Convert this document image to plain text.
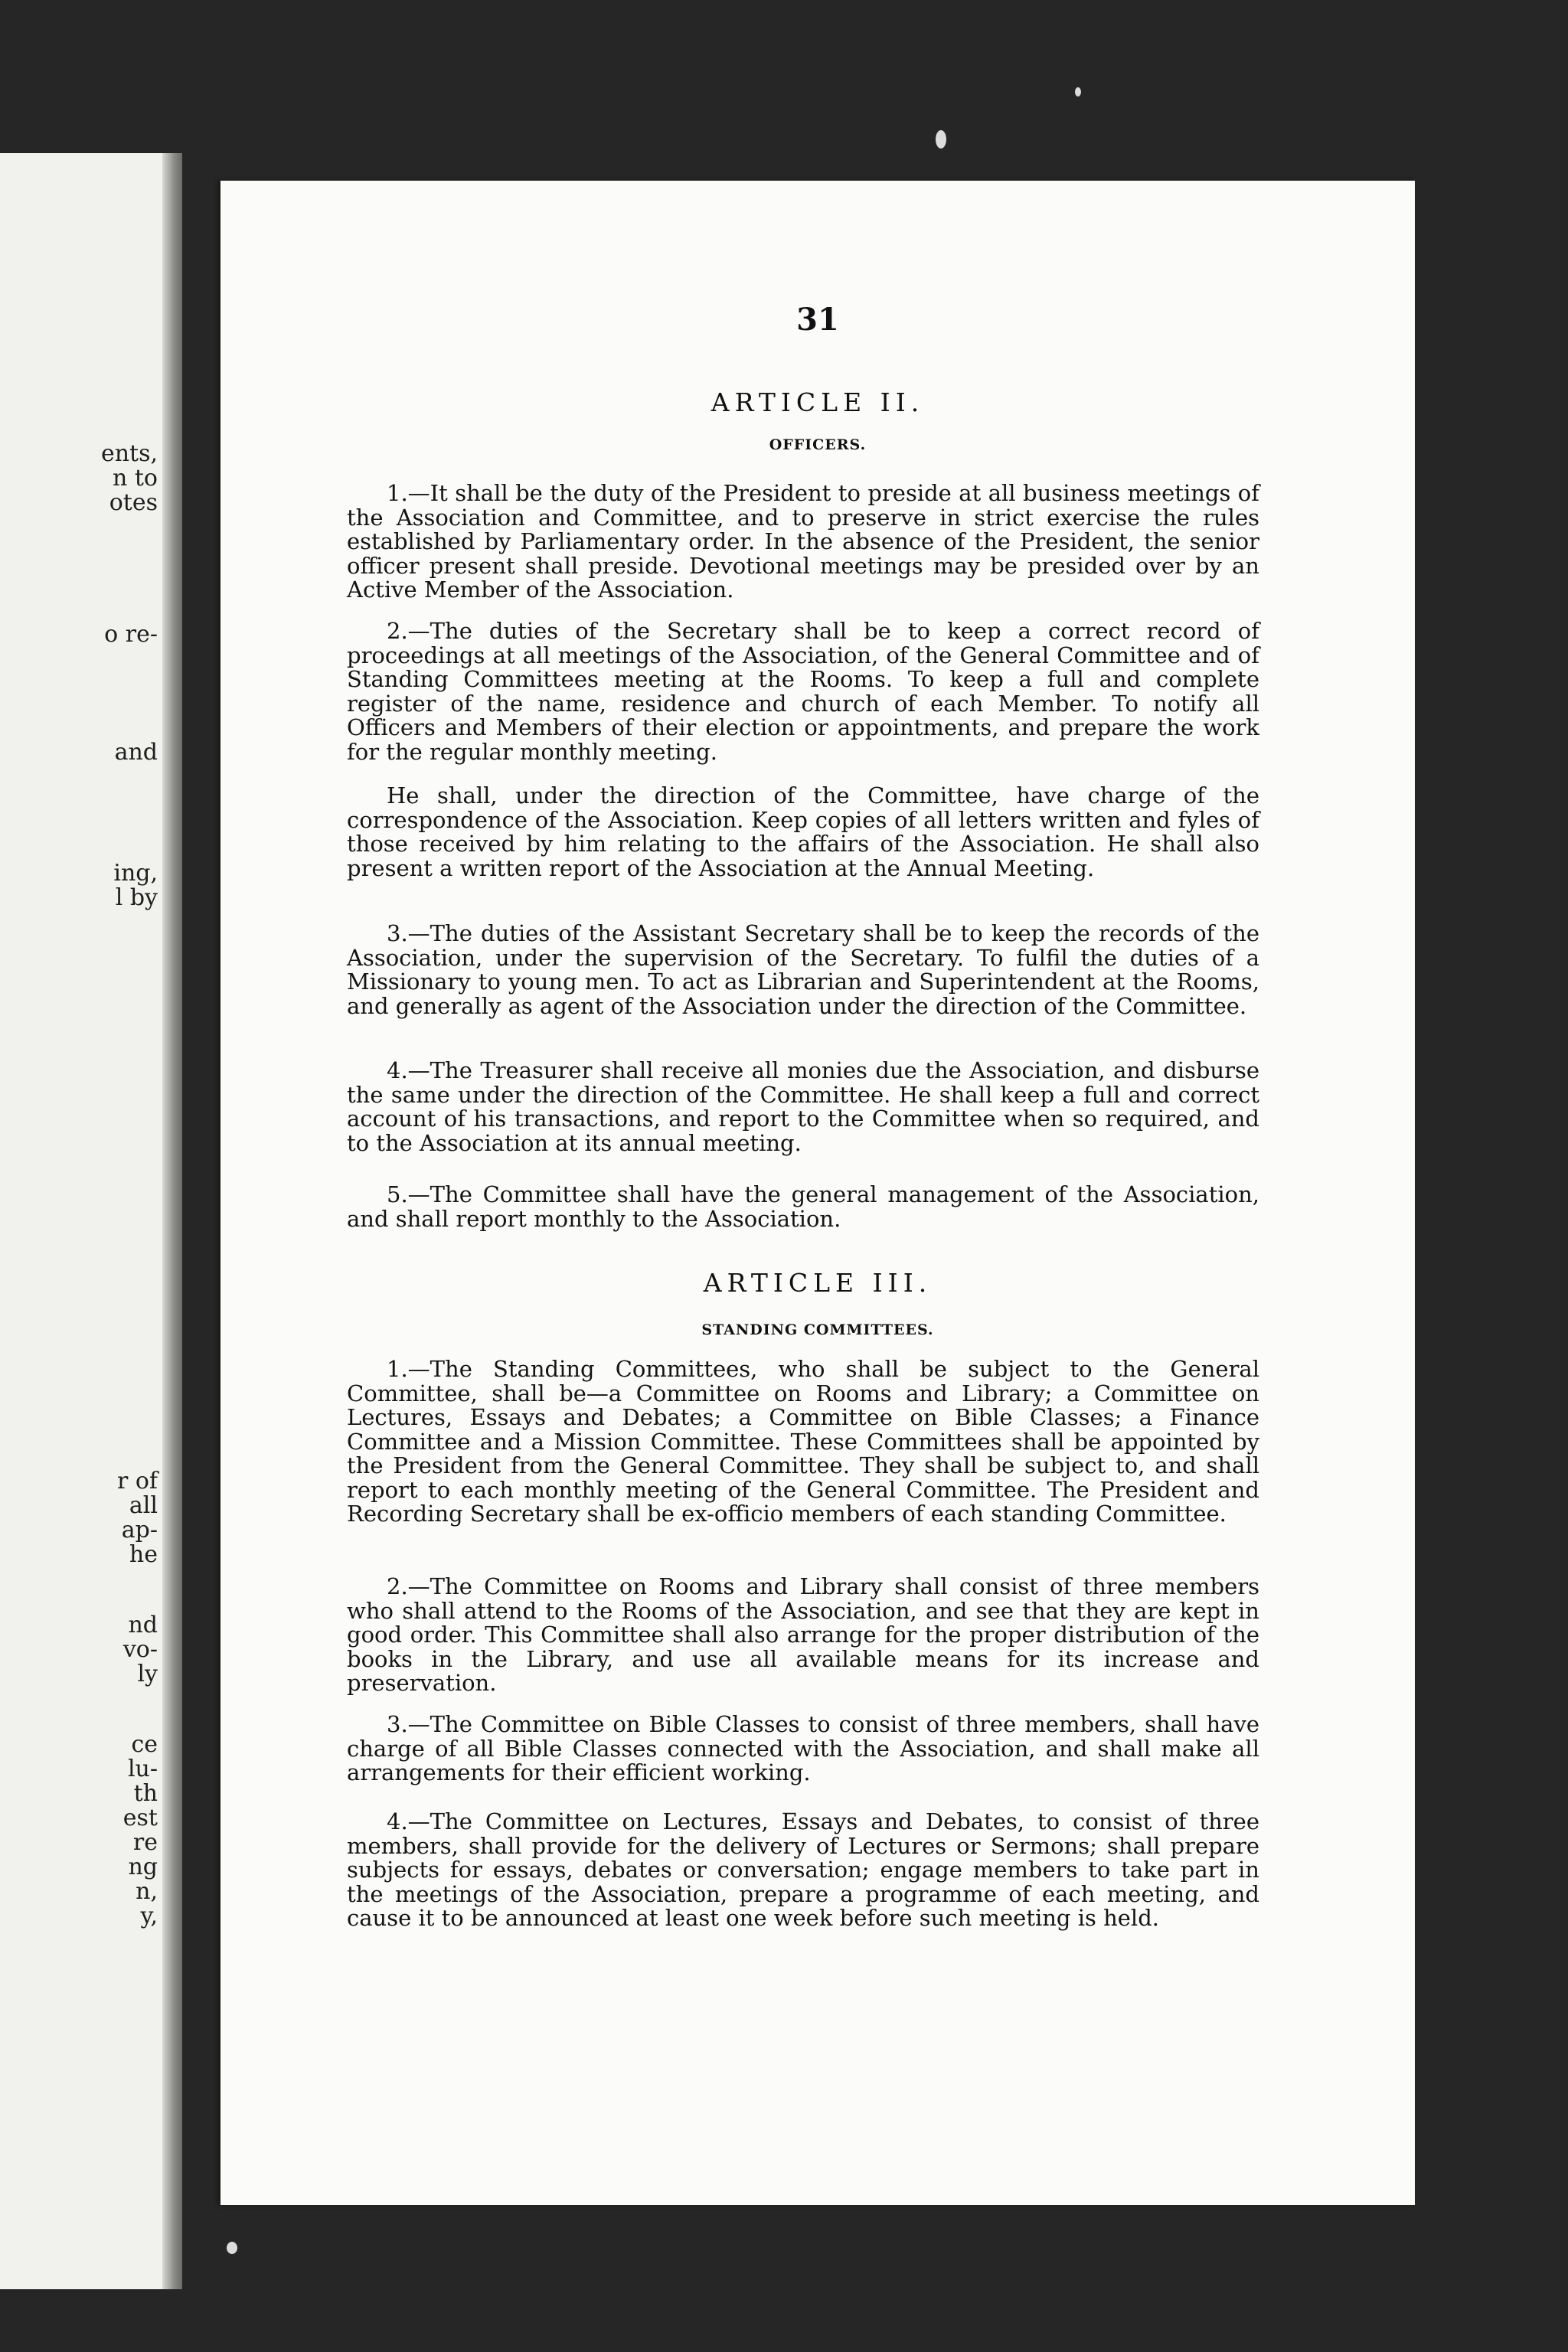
ents,
n to
otes
o re-
and
ing,
l by
r of
all
ap-
he
nd
vo-
ly
ce
lu-
th
est
re
ng
n,
y,
31
ARTICLE II.
OFFICERS.

1.—It shall be the duty of the President to preside at all business meetings of the Association and Committee, and to preserve in strict exercise the rules established by Parliamentary order. In the absence of the President, the senior officer present shall preside. Devotional meetings may be presided over by an Active Member of the Association.

2.—The duties of the Secretary shall be to keep a correct record of proceedings at all meetings of the Association, of the General Committee and of Standing Committees meeting at the Rooms. To keep a full and complete register of the name, residence and church of each Member. To notify all Officers and Members of their election or appointments, and prepare the work for the regular monthly meeting.

He shall, under the direction of the Committee, have charge of the correspondence of the Association. Keep copies of all letters written and fyles of those received by him relating to the affairs of the Association. He shall also present a written report of the Association at the Annual Meeting.

3.—The duties of the Assistant Secretary shall be to keep the records of the Association, under the supervision of the Secretary. To fulfil the duties of a Missionary to young men. To act as Librarian and Superintendent at the Rooms, and generally as agent of the Association under the direction of the Committee.

4.—The Treasurer shall receive all monies due the Association, and disburse the same under the direction of the Committee. He shall keep a full and correct account of his transactions, and report to the Committee when so required, and to the Association at its annual meeting.

5.—The Committee shall have the general management of the Association, and shall report monthly to the Association.

ARTICLE III.
STANDING COMMITTEES.

1.—The Standing Committees, who shall be subject to the General Committee, shall be—a Committee on Rooms and Library; a Committee on Lectures, Essays and Debates; a Committee on Bible Classes; a Finance Committee and a Mission Committee. These Committees shall be appointed by the President from the General Committee. They shall be subject to, and shall report to each monthly meeting of the General Committee. The President and Recording Secretary shall be ex-officio members of each standing Committee.

2.—The Committee on Rooms and Library shall consist of three members who shall attend to the Rooms of the Association, and see that they are kept in good order. This Committee shall also arrange for the proper distribution of the books in the Library, and use all available means for its increase and preservation.

3.—The Committee on Bible Classes to consist of three members, shall have charge of all Bible Classes connected with the Association, and shall make all arrangements for their efficient working.

4.—The Committee on Lectures, Essays and Debates, to consist of three members, shall provide for the delivery of Lectures or Sermons; shall prepare subjects for essays, debates or conversation; engage members to take part in the meetings of the Association, prepare a programme of each meeting, and cause it to be announced at least one week before such meeting is held.
